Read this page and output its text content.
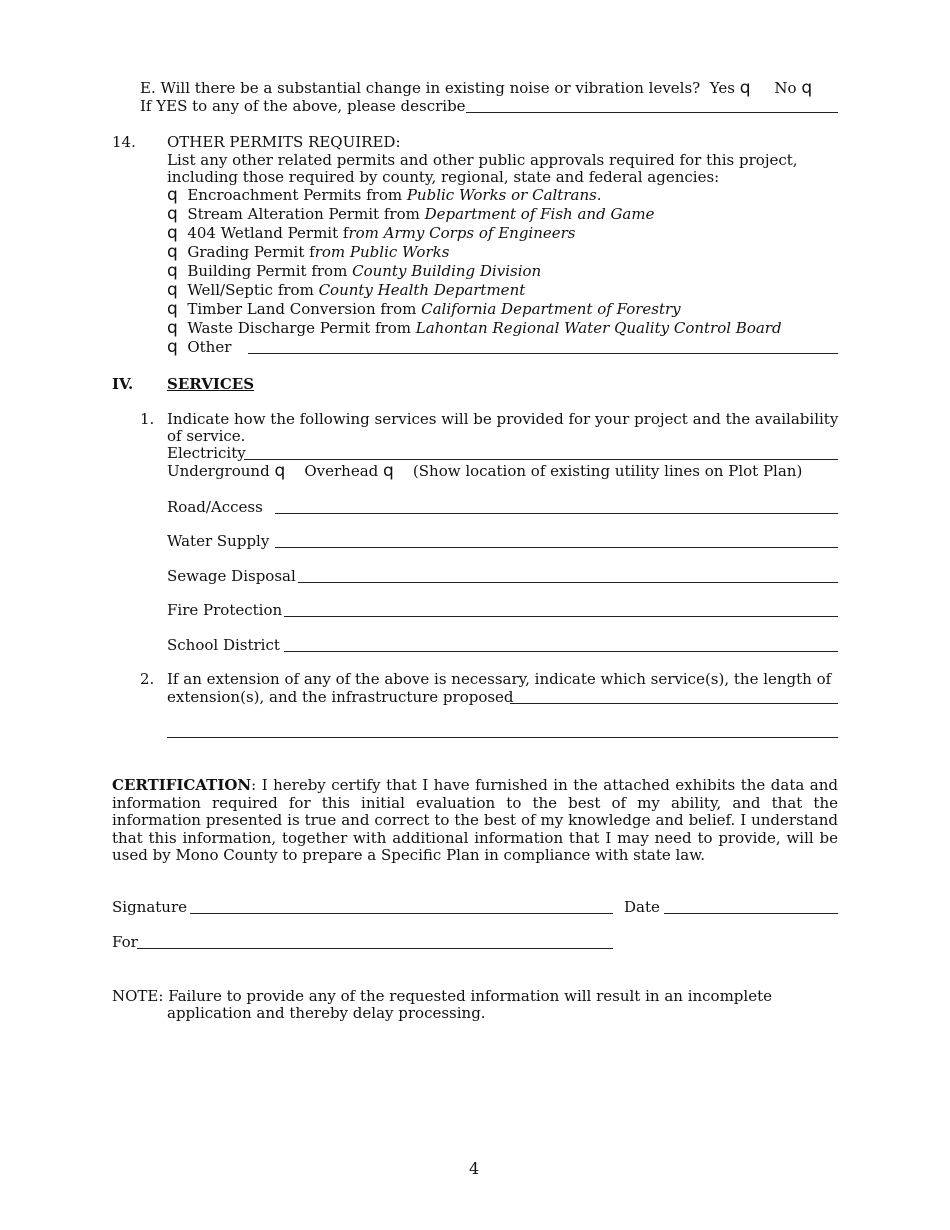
E. Will there be a substantial change in existing noise or vibration levels? Yes q No q
If YES to any of the above, please describe
14. OTHER PERMITS REQUIRED:
List any other related permits and other public approvals required for this project,
including those required by county, regional, state and federal agencies:
q Encroachment Permits from Public Works or Caltrans.
q Stream Alteration Permit from Department of Fish and Game
q 404 Wetland Permit from Army Corps of Engineers
q Grading Permit from Public Works
q Building Permit from County Building Division
q Well/Septic from County Health Department
q Timber Land Conversion from California Department of Forestry
q Waste Discharge Permit from Lahontan Regional Water Quality Control Board
q Other
IV. SERVICES
1. Indicate how the following services will be provided for your project and the availability
of service.
Electricity
Underground q Overhead q (Show location of existing utility lines on Plot Plan)
Road/Access
Water Supply
Sewage Disposal
Fire Protection
School District
2. If an extension of any of the above is necessary, indicate which service(s), the length of
extension(s), and the infrastructure proposed
CERTIFICATION: I hereby certify that I have furnished in the attached exhibits the data and information required for this initial evaluation to the best of my ability, and that the information presented is true and correct to the best of my knowledge and belief. I understand that this information, together with additional information that I may need to provide, will be used by Mono County to prepare a Specific Plan in compliance with state law.
Signature	Date
For
NOTE: Failure to provide any of the requested information will result in an incomplete
application and thereby delay processing.
4
